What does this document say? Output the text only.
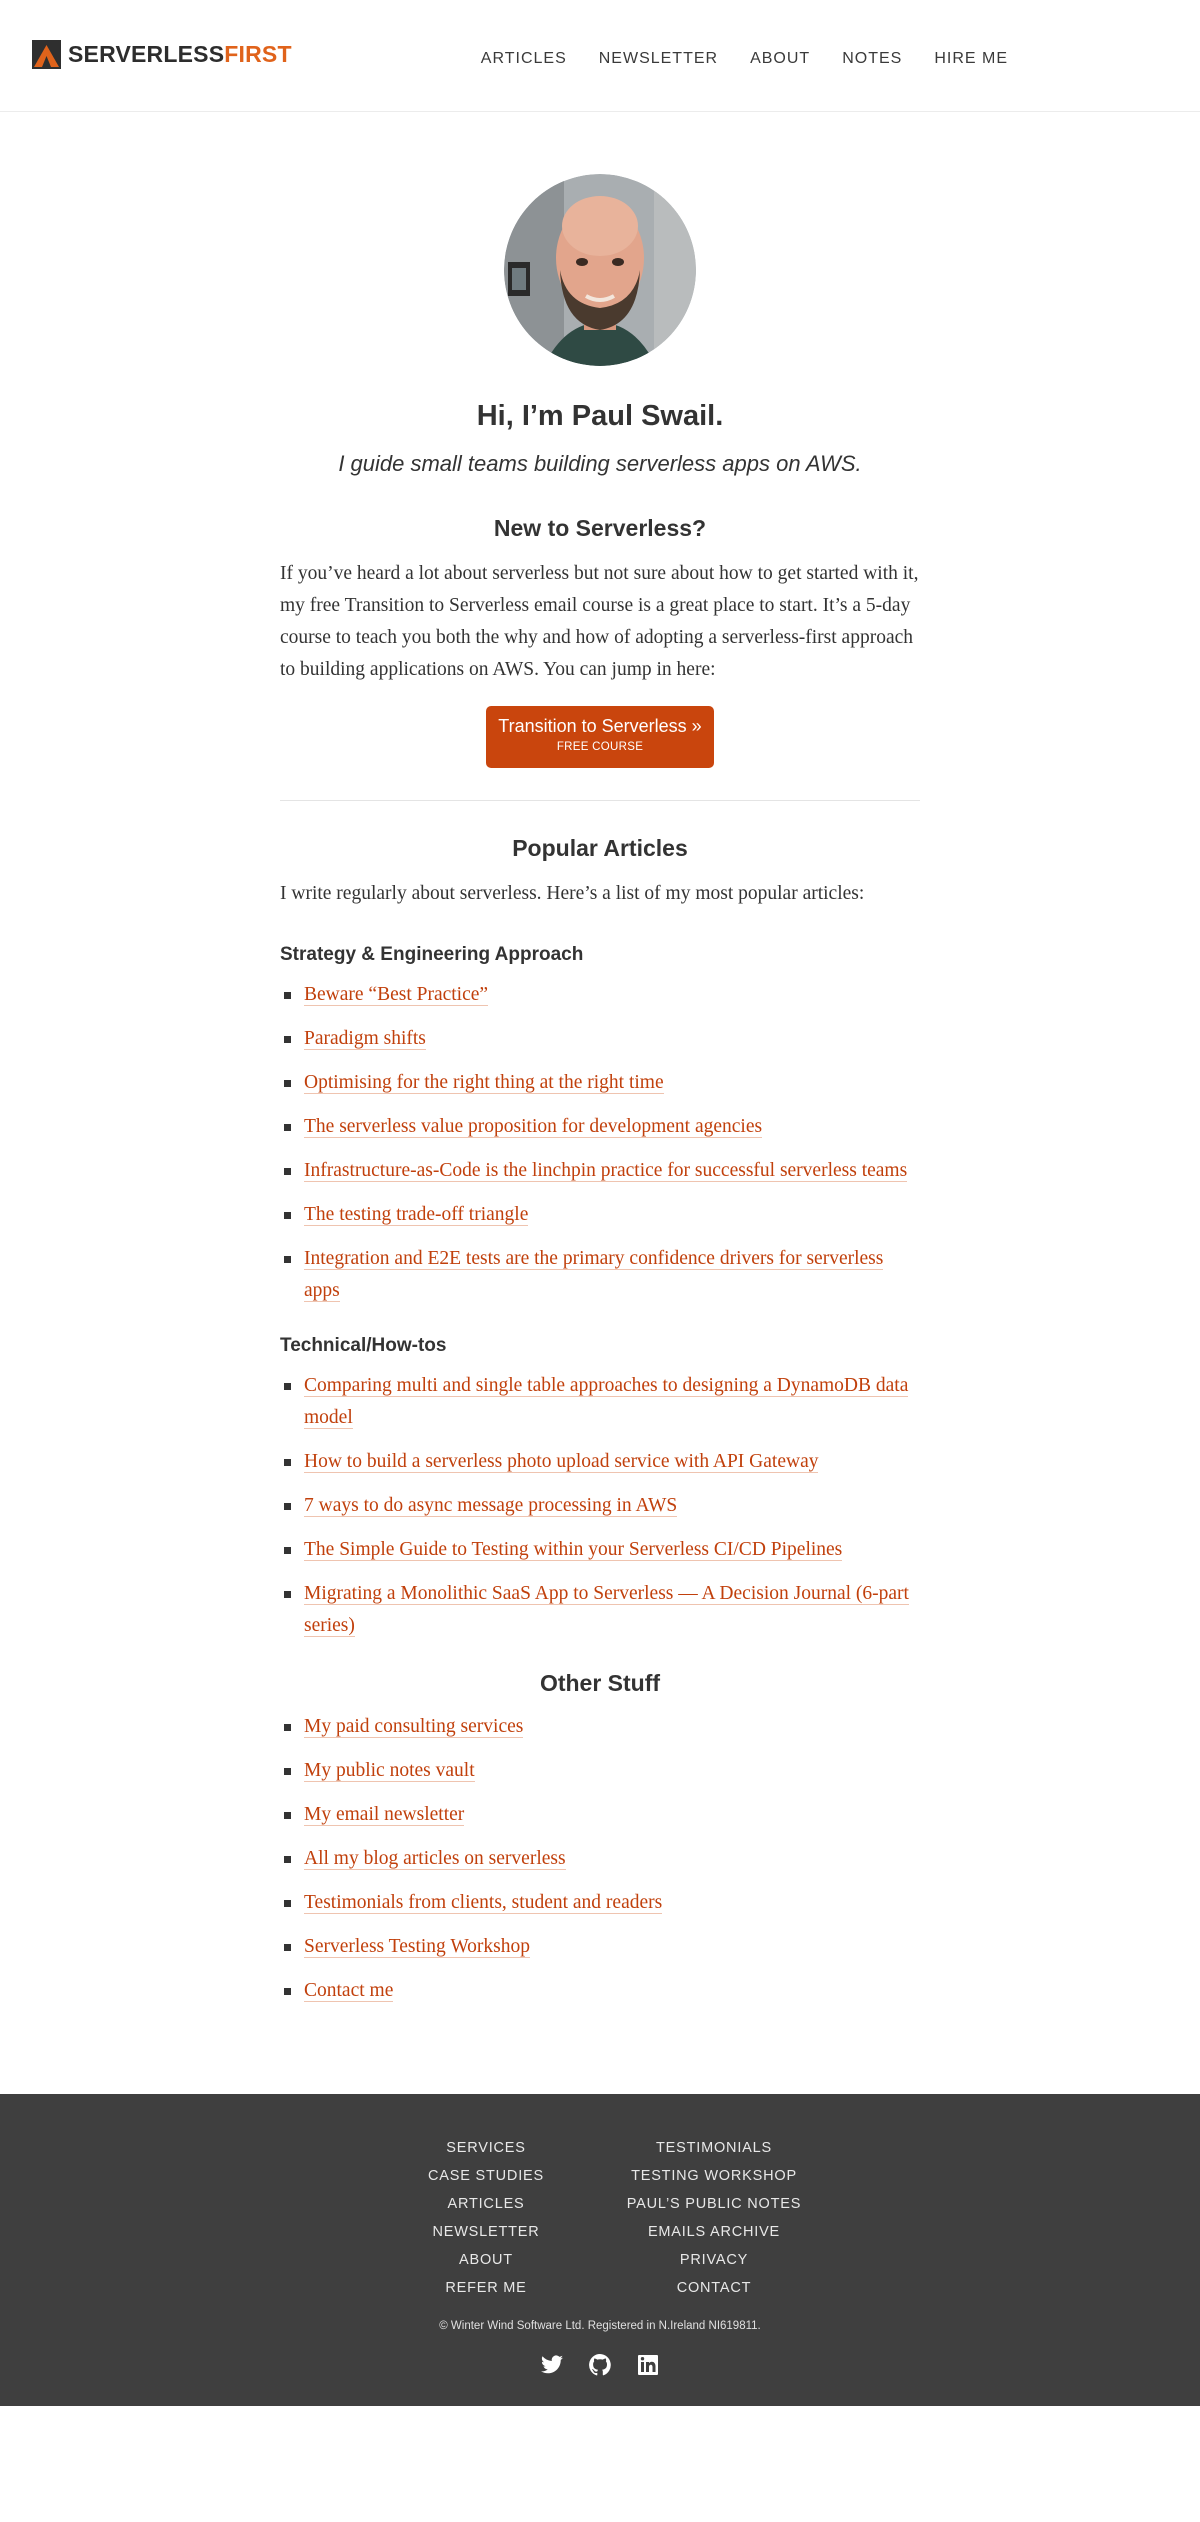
SERVERLESSFIRST	ARTICLES NEWSLETTER ABOUT NOTES HIRE ME
Hi, I’m Paul Swail.

I guide small teams building serverless apps on AWS.

New to Serverless?

If you’ve heard a lot about serverless but not sure about how to get started with it, my free Transition to Serverless email course is a great place to start. It’s a 5-day course to teach you both the why and how of adopting a serverless-first approach to building applications on AWS. You can jump in here:

Transition to Serverless »
FREE COURSE
Popular Articles

I write regularly about serverless. Here’s a list of my most popular articles:

Strategy & Engineering Approach
Beware “Best Practice”
Paradigm shifts
Optimising for the right thing at the right time
The serverless value proposition for development agencies
Infrastructure-as-Code is the linchpin practice for successful serverless teams
The testing trade-off triangle
Integration and E2E tests are the primary confidence drivers for serverless apps
Technical/How-tos
Comparing multi and single table approaches to designing a DynamoDB data model
How to build a serverless photo upload service with API Gateway
7 ways to do async message processing in AWS
The Simple Guide to Testing within your Serverless CI/CD Pipelines
Migrating a Monolithic SaaS App to Serverless — A Decision Journal (6-part series)
Other Stuff
My paid consulting services
My public notes vault
My email newsletter
All my blog articles on serverless
Testimonials from clients, student and readers
Serverless Testing Workshop
Contact me
SERVICES
CASE STUDIES
ARTICLES
NEWSLETTER
ABOUT
REFER ME
TESTIMONIALS
TESTING WORKSHOP
PAUL’S PUBLIC NOTES
EMAILS ARCHIVE
PRIVACY
CONTACT

© Winter Wind Software Ltd. Registered in N.Ireland NI619811.
